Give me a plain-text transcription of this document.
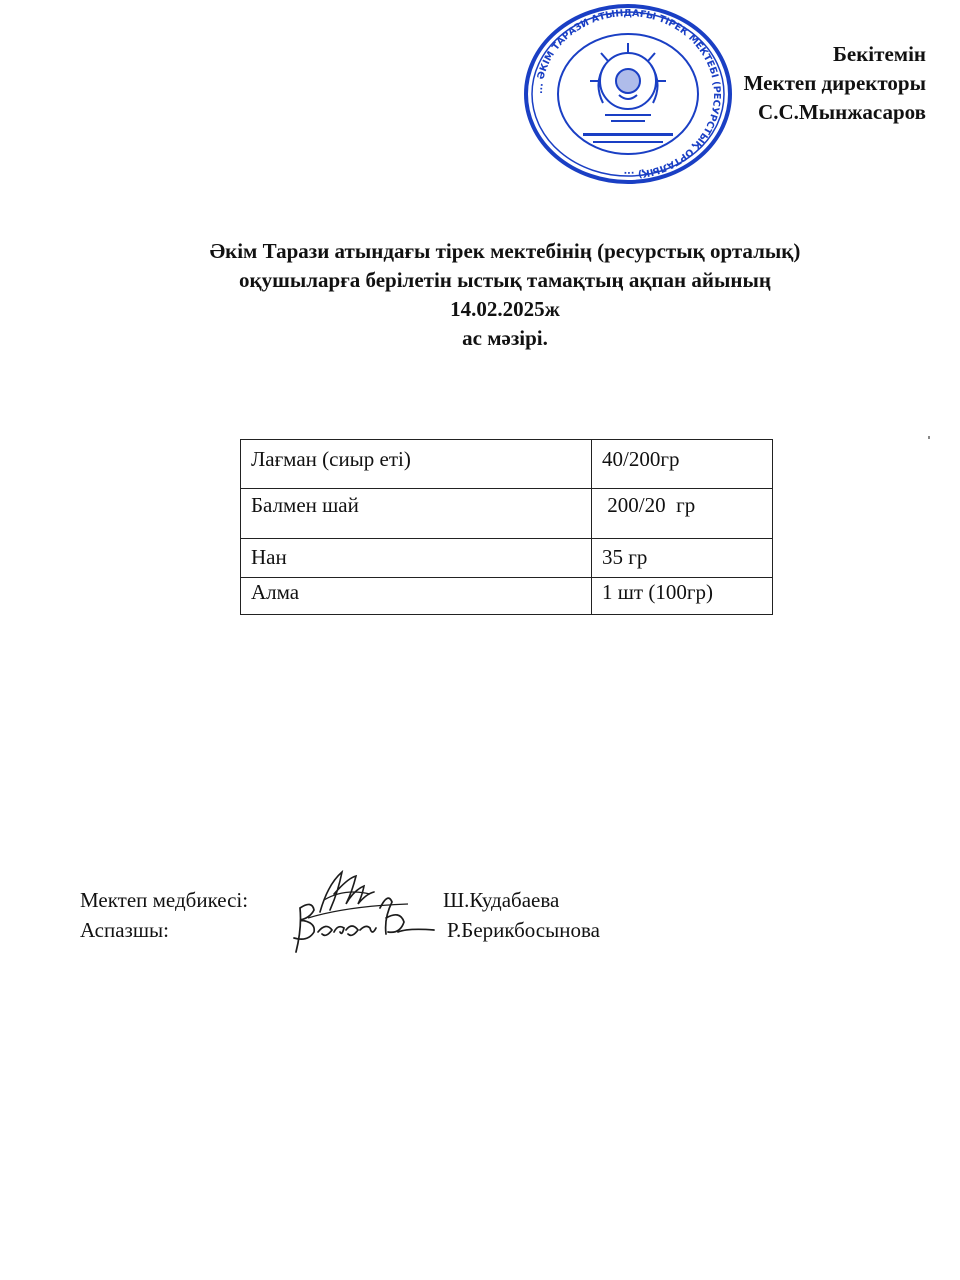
... ӘКІМ ТАРАЗИ АТЫНДАҒЫ ТІРЕК МЕКТЕБІ (РЕСУРСТЫҚ ОРТАЛЫҚ) ...
Бекітемін
Мектеп директоры
С.С.Мынжасаров
Әкім Тарази атындағы тірек мектебінің (ресурстық орталық)
оқушыларға берілетін ыстық тамақтың ақпан айының
14.02.2025ж
ас мәзірі.
Лағман (сиыр еті)	40/200гр
Балмен шай	200/20  гр
Нан	35 гр
Алма	1 шт (100гр)
Мектеп медбикесі:	Ш.Кудабаева
Аспазшы:	Р.Берикбосынова
